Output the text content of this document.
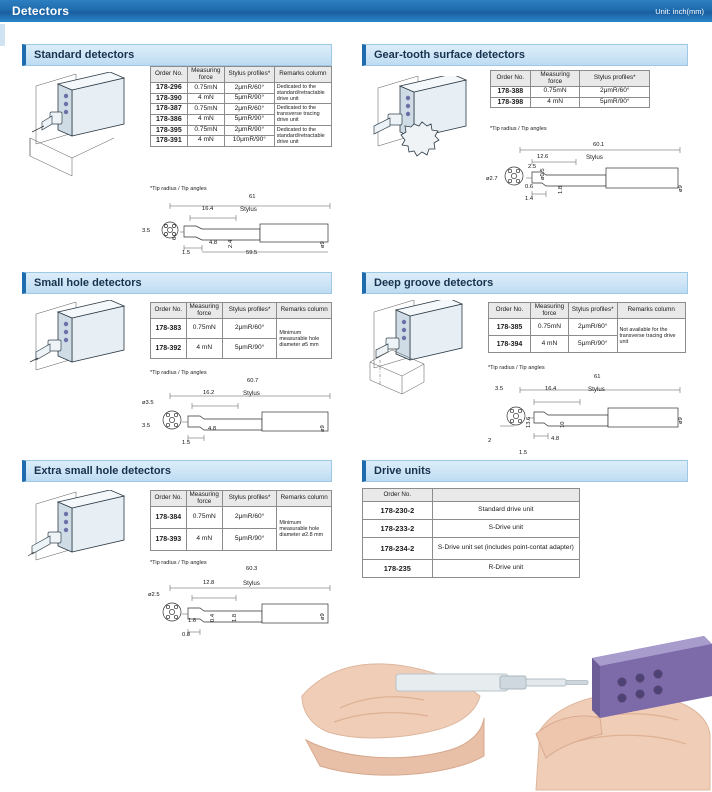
Detectors	Unit: inch(mm)
Standard detectors
Order No.	Measuring force	Stylus profiles*	Remarks column
178-296	0.75mN	2μmR/60°	Dedicated to the standard/retractable drive unit
178-390	4 mN	5μmR/90°	
178-387	0.75mN	2μmR/60°	Dedicated to the transverse tracing drive unit
178-386	4 mN	5μmR/90°	
178-395	0.75mN	2μmR/90°	Dedicated to the standard/retractable drive unit
178-391	4 mN	10μmR/90°	
*Tip radius / Tip angles
61
16.4	Stylus
3.5
6
4.8 2.4	ø9
1.5	59.5
Gear-tooth surface detectors
Order No.	Measuring force	Stylus profiles*
178-388	0.75mN	2μmR/60°
178-398	4 mN	5μmR/90°
*Tip radius / Tip angles
60.1
12.6	Stylus
2.5
ø2.7
0.6
1.4
1.8	ø9
ø0.5
Small hole detectors
Order No.	Measuring force	Stylus profiles*	Remarks column
178-383	0.75mN	2μmR/60°	Minimum measurable hole diameter ø5 mm
178-392	4 mN	5μmR/90°	
*Tip radius / Tip angles
60.7
16.2	Stylus
ø3.5
3.5	4.8	ø9
1.5
Deep groove detectors
Order No.	Measuring force	Stylus profiles*	Remarks column
178-385	0.75mN	2μmR/60°	Not available for the transverse tracing drive unit
178-394	4 mN	5μmR/90°	
*Tip radius / Tip angles
61
16.4	Stylus
3.5
13.6	10
4.8
2
1.5
ø9
Extra small hole detectors
Order No.	Measuring force	Stylus profiles*	Remarks column
178-384	0.75mN	2μmR/60°	Minimum measurable hole diameter ø2.8 mm
178-393	4 mN	5μmR/90°	
*Tip radius / Tip angles
60.3
12.8	Stylus
ø2.5
1.6 0.4	1.8	ø9
0.8
Drive units
Order No.	
178-230-2	Standard drive unit
178-233-2	S-Drive unit
178-234-2	S-Drive unit set (includes point-contat adapter)
178-235	R-Drive unit
